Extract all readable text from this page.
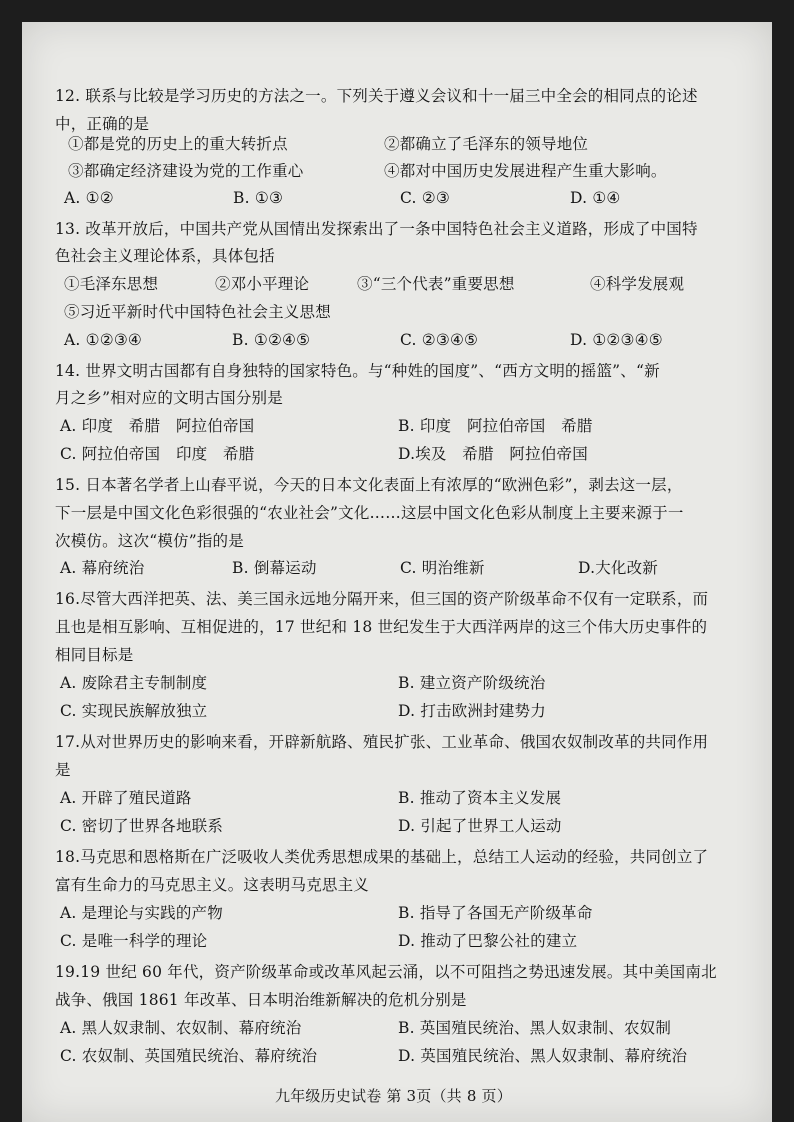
12. 联系与比较是学习历史的方法之一。下列关于遵义会议和十一届三中全会的相同点的论述
中，正确的是
①都是党的历史上的重大转折点	②都确立了毛泽东的领导地位
③都确定经济建设为党的工作重心	④都对中国历史发展进程产生重大影响。
A. ①②	B. ①③	C. ②③	D. ①④
13. 改革开放后，中国共产党从国情出发探索出了一条中国特色社会主义道路，形成了中国特
色社会主义理论体系，具体包括
①毛泽东思想	②邓小平理论	③“三个代表”重要思想	④科学发展观
⑤习近平新时代中国特色社会主义思想
A. ①②③④	B. ①②④⑤	C. ②③④⑤	D. ①②③④⑤
14. 世界文明古国都有自身独特的国家特色。与“种姓的国度”、“西方文明的摇篮”、“新
月之乡”相对应的文明古国分别是
A. 印度　希腊　阿拉伯帝国	B. 印度　阿拉伯帝国　希腊
C. 阿拉伯帝国　印度　希腊	D.埃及　希腊　阿拉伯帝国
15. 日本著名学者上山春平说，今天的日本文化表面上有浓厚的“欧洲色彩”，剥去这一层，
下一层是中国文化色彩很强的“农业社会”文化……这层中国文化色彩从制度上主要来源于一
次模仿。这次“模仿”指的是
A. 幕府统治	B. 倒幕运动	C. 明治维新	D.大化改新
16.尽管大西洋把英、法、美三国永远地分隔开来，但三国的资产阶级革命不仅有一定联系，而
且也是相互影响、互相促进的，17 世纪和 18 世纪发生于大西洋两岸的这三个伟大历史事件的
相同目标是
A. 废除君主专制制度	B. 建立资产阶级统治
C. 实现民族解放独立	D. 打击欧洲封建势力
17.从对世界历史的影响来看，开辟新航路、殖民扩张、工业革命、俄国农奴制改革的共同作用
是
A. 开辟了殖民道路	B. 推动了资本主义发展
C. 密切了世界各地联系	D. 引起了世界工人运动
18.马克思和恩格斯在广泛吸收人类优秀思想成果的基础上，总结工人运动的经验，共同创立了
富有生命力的马克思主义。这表明马克思主义
A. 是理论与实践的产物	B. 指导了各国无产阶级革命
C. 是唯一科学的理论	D. 推动了巴黎公社的建立
19.19 世纪 60 年代，资产阶级革命或改革风起云涌，以不可阻挡之势迅速发展。其中美国南北
战争、俄国 1861 年改革、日本明治维新解决的危机分别是
A. 黑人奴隶制、农奴制、幕府统治	B. 英国殖民统治、黑人奴隶制、农奴制
C. 农奴制、英国殖民统治、幕府统治	D. 英国殖民统治、黑人奴隶制、幕府统治
九年级历史试卷 第 3页（共 8 页）
